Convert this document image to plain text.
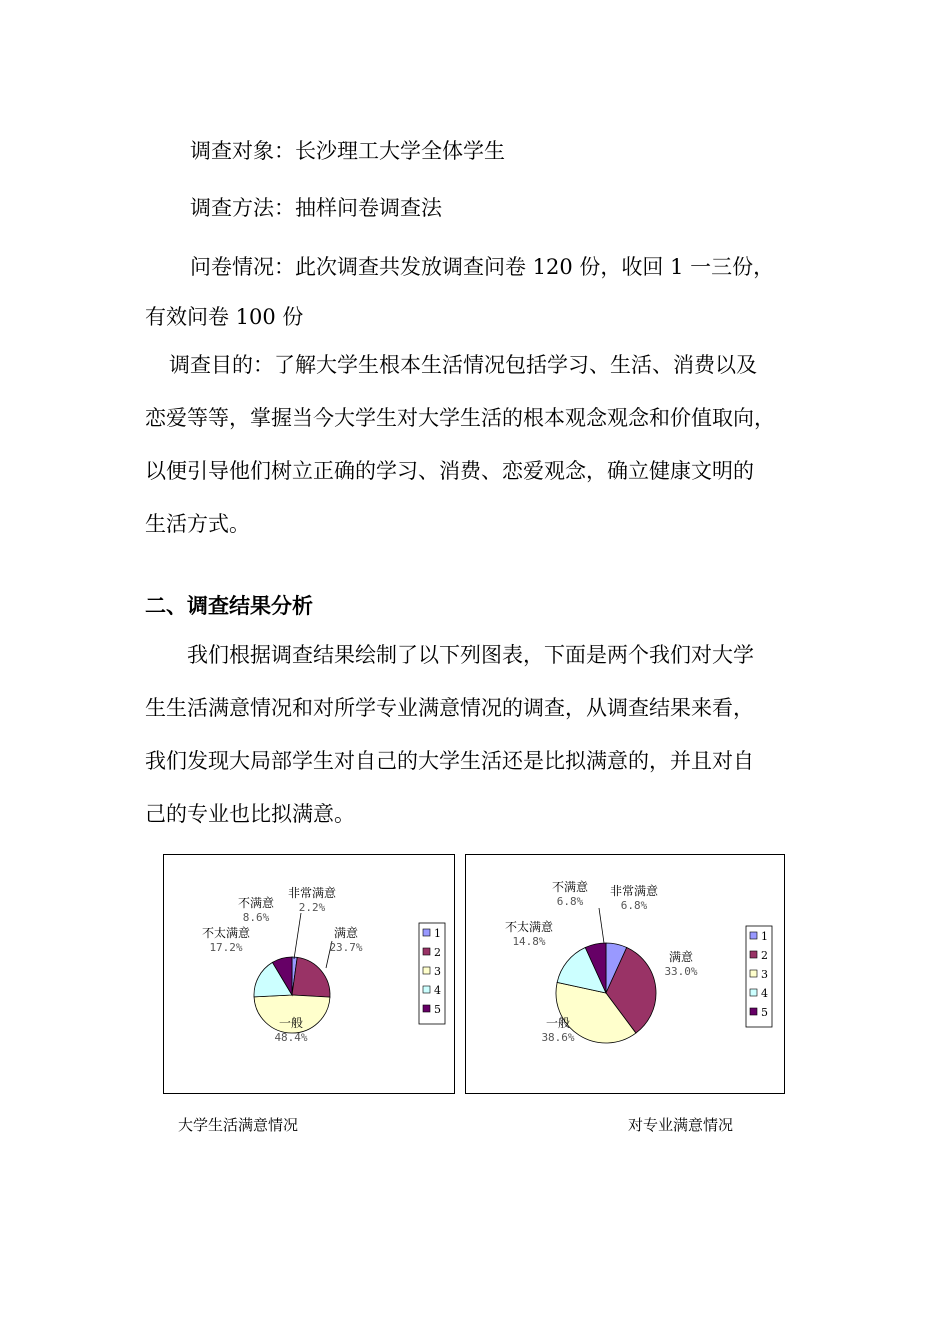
调查对象：长沙理工大学全体学生

调查方法：抽样问卷调查法

问卷情况：此次调查共发放调查问卷 120 份，收回 1 一三份，
有效问卷 100 份

调查目的：了解大学生根本生活情况包括学习、生活、消费以及
恋爱等等，掌握当今大学生对大学生活的根本观念观念和价值取向，
以便引导他们树立正确的学习、消费、恋爱观念，确立健康文明的
生活方式。

二、调查结果分析

我们根据调查结果绘制了以下列图表，下面是两个我们对大学
生生活满意情况和对所学专业满意情况的调查，从调查结果来看，
我们发现大局部学生对自己的大学生活还是比拟满意的，并且对自
己的专业也比拟满意。

非常满意
2.2%
满意
23.7%
一般
48.4%
不太满意
17.2%
不满意
8.6%
1
2
3
4
5
非常满意
6.8%
满意
33.0%
一般
38.6%
不太满意
14.8%
不满意
6.8%
1
2
3
4
5
大学生活满意情况	对专业满意情况
